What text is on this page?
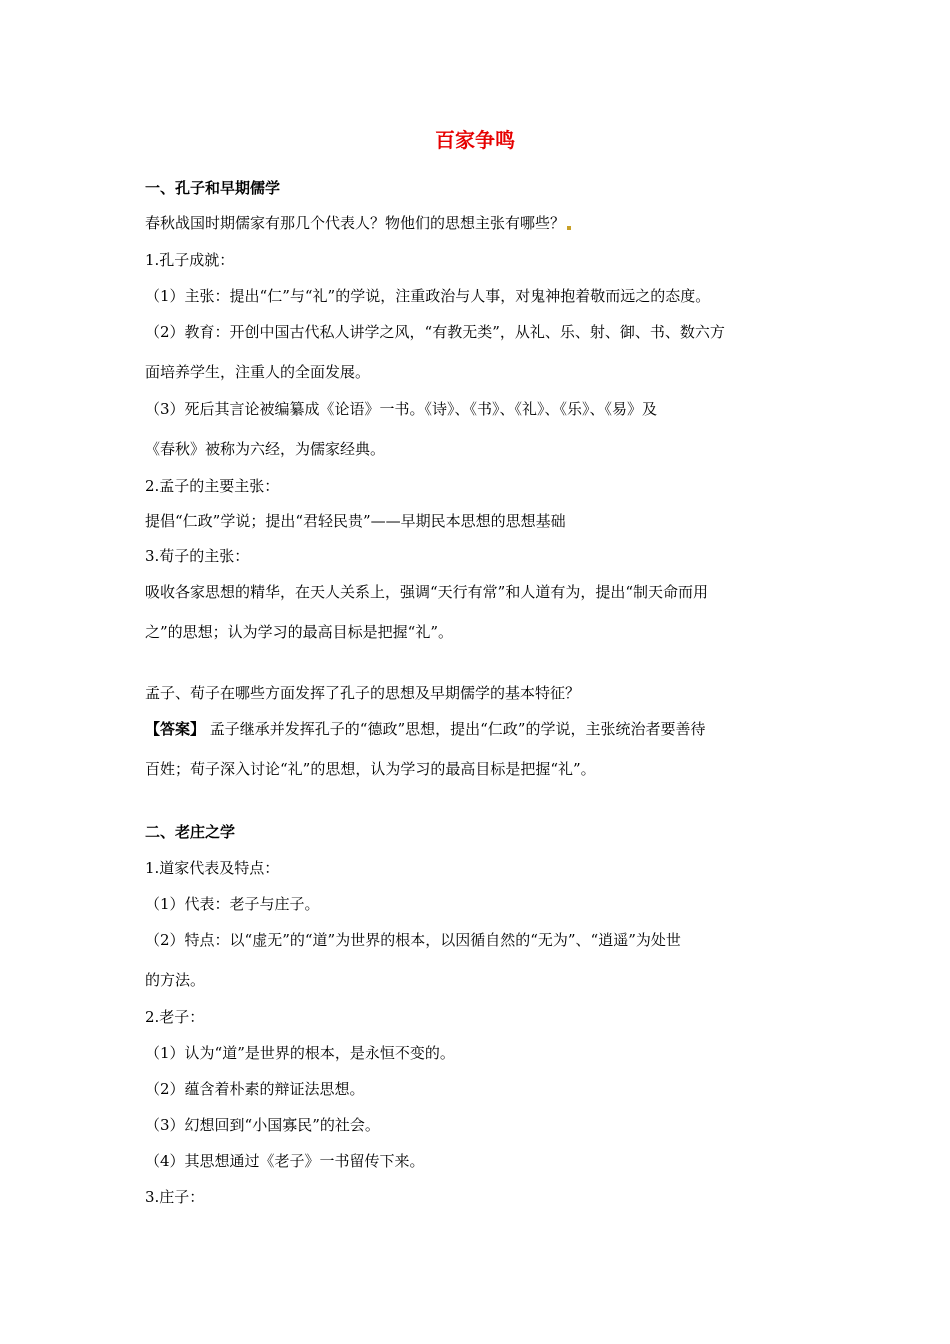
百家争鸣
一、孔子和早期儒学
春秋战国时期儒家有那几个代表人？物他们的思想主张有哪些？
1.孔子成就：
（1）主张：提出“仁”与“礼”的学说，注重政治与人事，对鬼神抱着敬而远之的态度。
（2）教育：开创中国古代私人讲学之风，“有教无类”，从礼、乐、射、御、书、数六方
面培养学生，注重人的全面发展。
（3）死后其言论被编纂成《论语》一书。《诗》、《书》、《礼》、《乐》、《易》及
《春秋》被称为六经，为儒家经典。
2.孟子的主要主张：
提倡“仁政”学说；提出“君轻民贵”——早期民本思想的思想基础
3.荀子的主张：
吸收各家思想的精华，在天人关系上，强调“天行有常”和人道有为，提出“制天命而用
之”的思想；认为学习的最高目标是把握“礼”。
孟子、荀子在哪些方面发挥了孔子的思想及早期儒学的基本特征？
【答案】 孟子继承并发挥孔子的“德政”思想，提出“仁政”的学说，主张统治者要善待
百姓；荀子深入讨论“礼”的思想，认为学习的最高目标是把握“礼”。
二、老庄之学
1.道家代表及特点：
（1）代表：老子与庄子。
（2）特点：以“虚无”的“道”为世界的根本，以因循自然的“无为”、“逍遥”为处世
的方法。
2.老子：
（1）认为“道”是世界的根本，是永恒不变的。
（2）蕴含着朴素的辩证法思想。
（3）幻想回到“小国寡民”的社会。
（4）其思想通过《老子》一书留传下来。
3.庄子：
